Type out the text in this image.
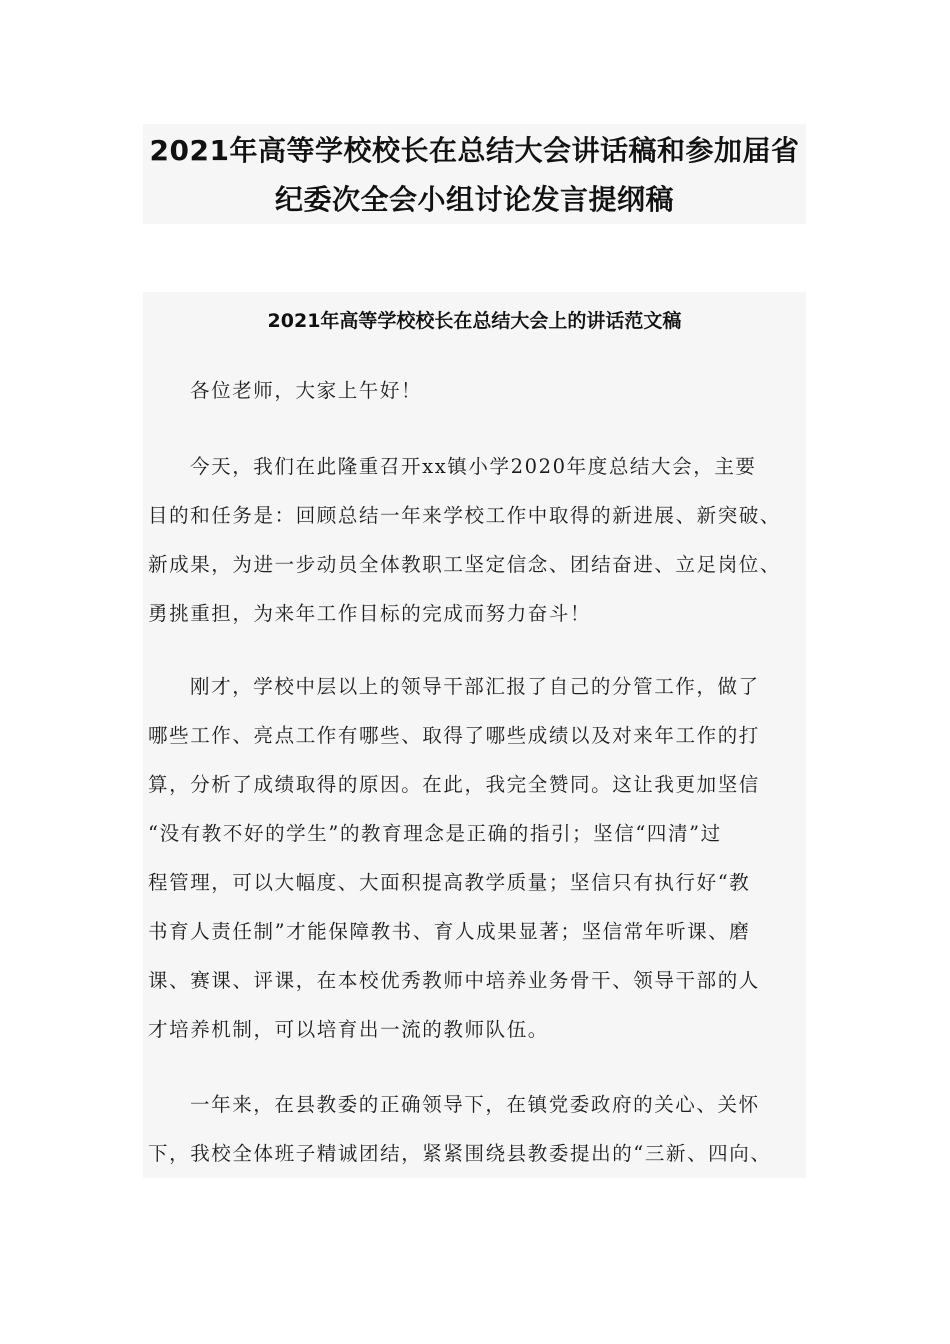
2021年高等学校校长在总结大会讲话稿和参加届省
纪委次全会小组讨论发言提纲稿
2021年高等学校校长在总结大会上的讲话范文稿
各位老师，大家上午好！
今天，我们在此隆重召开xx镇小学2020年度总结大会，主要
目的和任务是：回顾总结一年来学校工作中取得的新进展、新突破、
新成果，为进一步动员全体教职工坚定信念、团结奋进、立足岗位、
勇挑重担，为来年工作目标的完成而努力奋斗！
刚才，学校中层以上的领导干部汇报了自己的分管工作，做了
哪些工作、亮点工作有哪些、取得了哪些成绩以及对来年工作的打
算，分析了成绩取得的原因。在此，我完全赞同。这让我更加坚信
“没有教不好的学生”的教育理念是正确的指引；坚信“四清”过
程管理，可以大幅度、大面积提高教学质量；坚信只有执行好“教
书育人责任制”才能保障教书、育人成果显著；坚信常年听课、磨
课、赛课、评课，在本校优秀教师中培养业务骨干、领导干部的人
才培养机制，可以培育出一流的教师队伍。
一年来，在县教委的正确领导下，在镇党委政府的关心、关怀
下，我校全体班子精诚团结，紧紧围绕县教委提出的“三新、四向、
